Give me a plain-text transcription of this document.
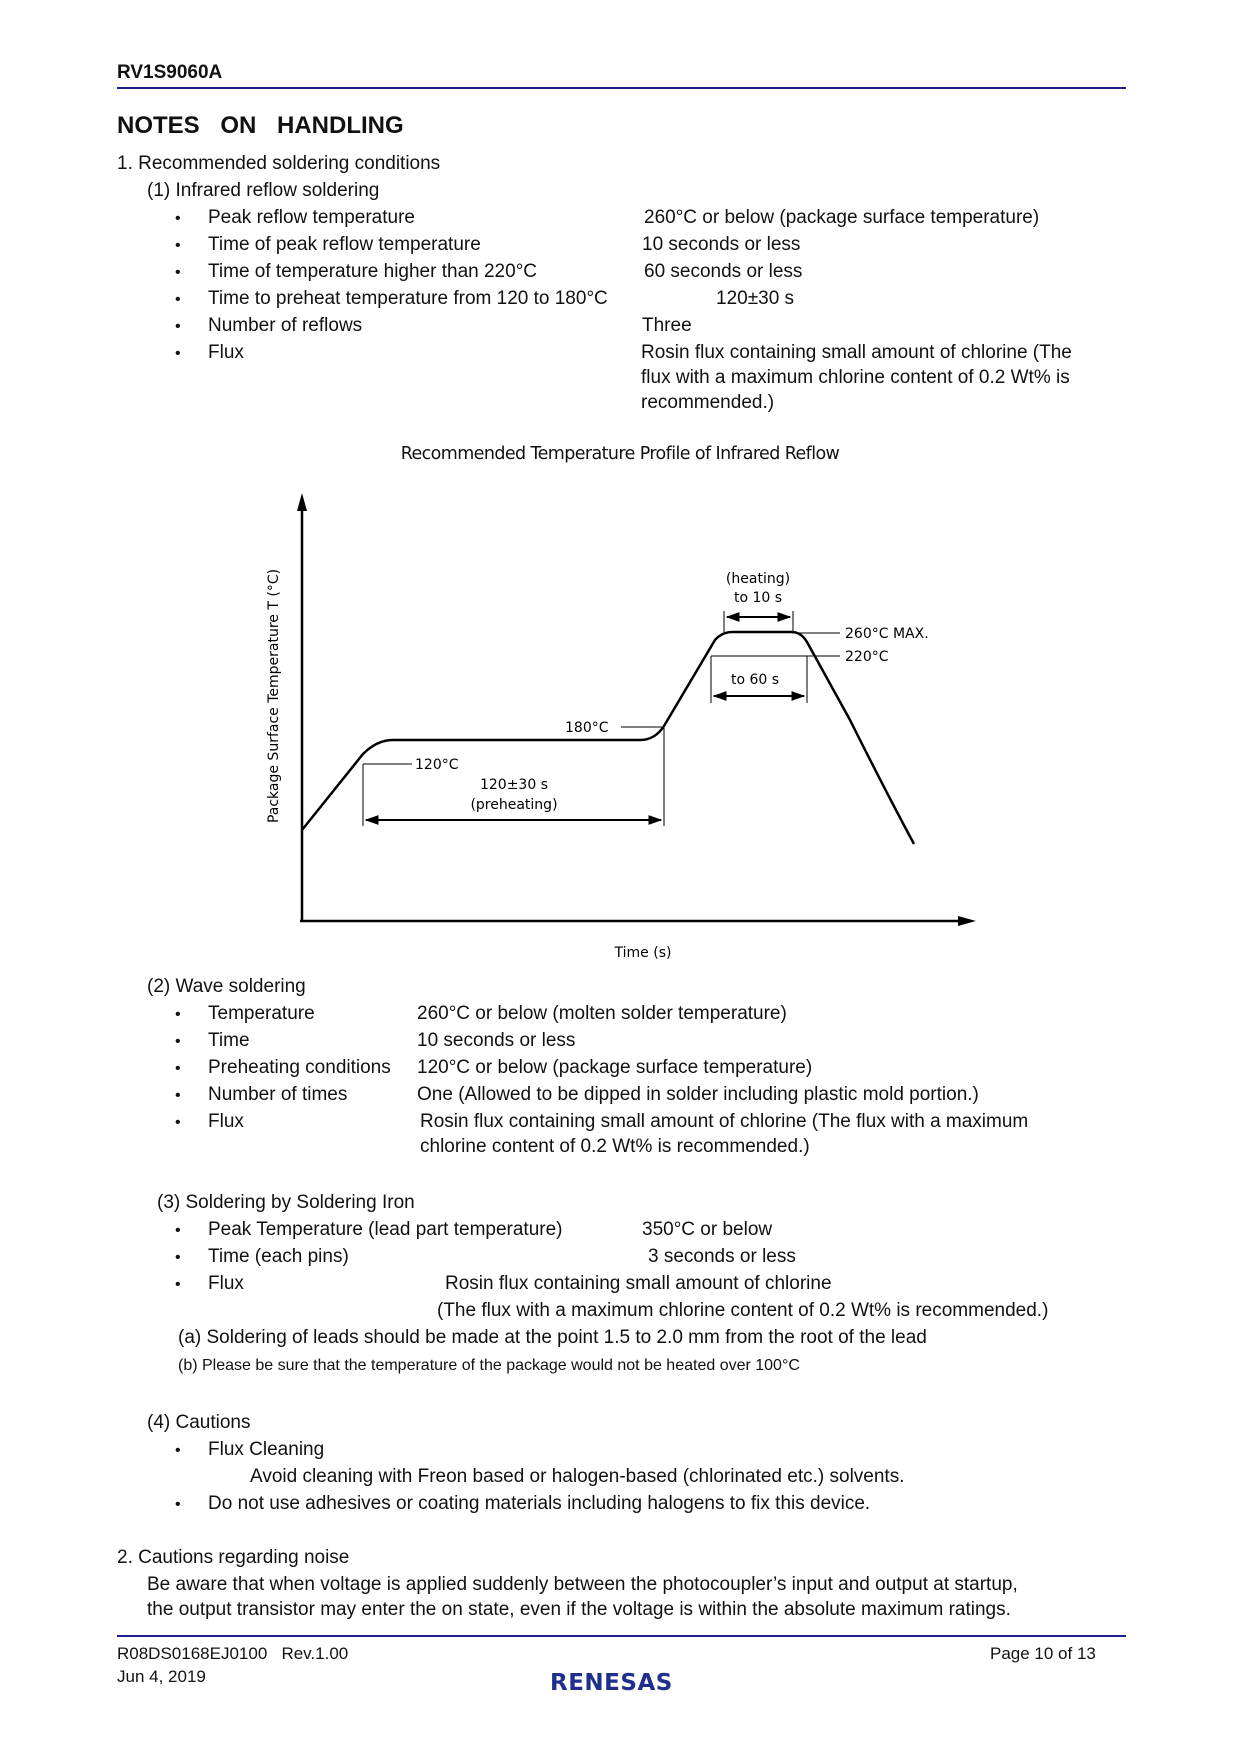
RV1S9060A
NOTES ON HANDLING
1. Recommended soldering conditions
(1) Infrared reflow soldering
• Peak reflow temperature	260°C or below (package surface temperature)
• Time of peak reflow temperature	10 seconds or less
• Time of temperature higher than 220°C	60 seconds or less
• Time to preheat temperature from 120 to 180°C	120±30 s
• Number of reflows	Three
• Flux	Rosin flux containing small amount of chlorine (The
flux with a maximum chlorine content of 0.2 Wt% is
recommended.)
Recommended Temperature Profile of Infrared Reflow
120°C
180°C
260°C MAX.
220°C
120±30 s
(preheating)
(heating)
to 10 s
to 60 s
Time (s)
Package Surface Temperature T (°C)
(2) Wave soldering
• Temperature	260°C or below (molten solder temperature)
• Time	10 seconds or less
• Preheating conditions 120°C or below (package surface temperature)
• Number of times	One (Allowed to be dipped in solder including plastic mold portion.)
• Flux	Rosin flux containing small amount of chlorine (The flux with a maximum
chlorine content of 0.2 Wt% is recommended.)
(3) Soldering by Soldering Iron
• Peak Temperature (lead part temperature)	350°C or below
• Time (each pins)	3 seconds or less
• Flux	Rosin flux containing small amount of chlorine
(The flux with a maximum chlorine content of 0.2 Wt% is recommended.)
(a) Soldering of leads should be made at the point 1.5 to 2.0 mm from the root of the lead
(b) Please be sure that the temperature of the package would not be heated over 100°C
(4) Cautions
• Flux Cleaning
Avoid cleaning with Freon based or halogen-based (chlorinated etc.) solvents.
• Do not use adhesives or coating materials including halogens to fix this device.
2. Cautions regarding noise
Be aware that when voltage is applied suddenly between the photocoupler’s input and output at startup,
the output transistor may enter the on state, even if the voltage is within the absolute maximum ratings.
R08DS0168EJ0100 Rev.1.00
Jun 4, 2019
Page 10 of 13
RENESAS
